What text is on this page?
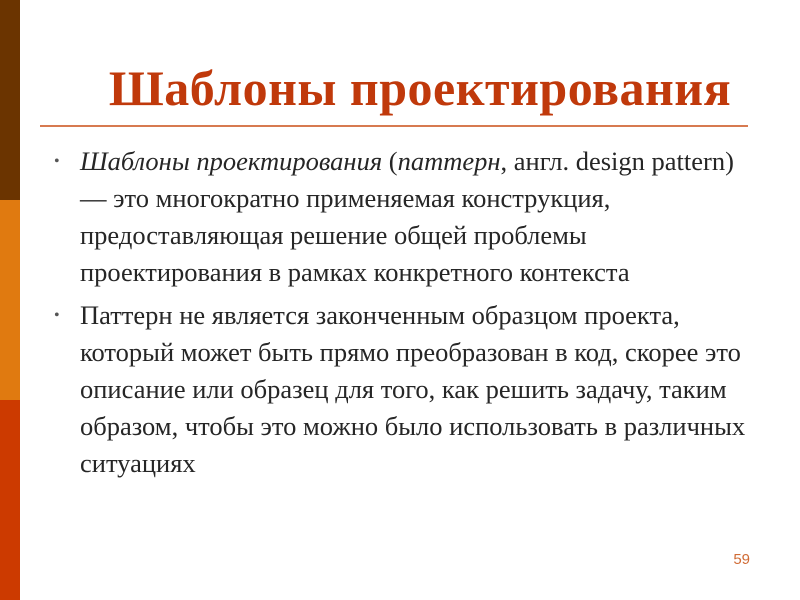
Шаблоны проектирования
• Шаблоны проектирования (паттерн, англ. design pattern) — это многократно применяемая конструкция, предоставляющая решение общей проблемы проектирования в рамках конкретного контекста
• Паттерн не является законченным образцом проекта, который может быть прямо преобразован в код, скорее это описание или образец для того, как решить задачу, таким образом, чтобы это можно было использовать в различных ситуациях
59
